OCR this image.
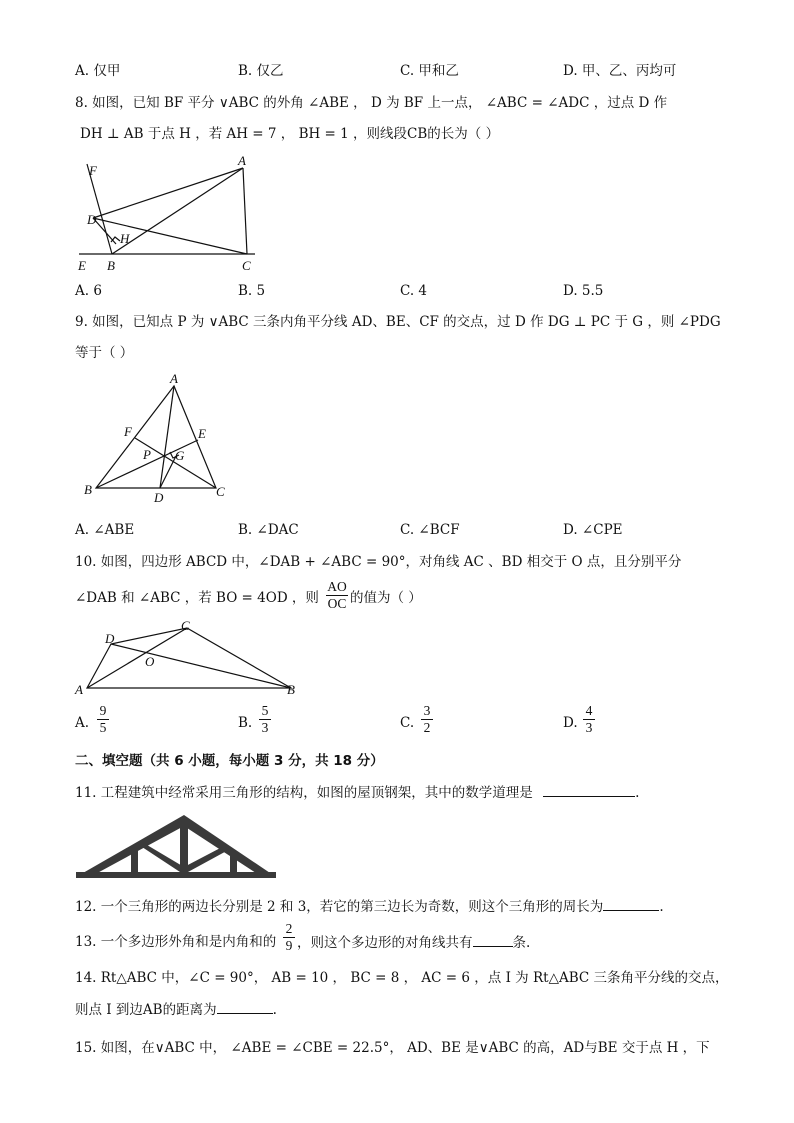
A. 仅甲	B. 仅乙	C. 甲和乙	D. 甲、乙、丙均可
8. 如图，已知 BF 平分 ∨ABC 的外角 ∠ABE ， D 为 BF 上一点， ∠ABC = ∠ADC ，过点 D 作
DH ⊥ AB 于点 H ，若 AH = 7 ， BH = 1 ，则线段CB的长为（ ）
F
A
D
H
E B	C
A. 6	B. 5	C. 4	D. 5.5
9. 如图，已知点 P 为 ∨ABC 三条内角平分线 AD、BE、CF 的交点，过 D 作 DG ⊥ PC 于 G ，则 ∠PDG
等于（ ）
A
F	E
P G
B
D	C
A. ∠ABE	B. ∠DAC	C. ∠BCF	D. ∠CPE
10. 如图，四边形 ABCD 中，∠DAB + ∠ABC = 90°，对角线 AC 、BD 相交于 O 点，且分别平分
∠DAB 和 ∠ABC ，若 BO = 4OD ，则 $\frac{AO}{OC}$ 的值为（ ）
D
C
O
A	B
A. $\frac{9}{5}$	B. $\frac{5}{3}$	C. $\frac{3}{2}$	D. $\frac{4}{3}$
二、填空题（共 6 小题，每小题 3 分，共 18 分）
11. 工程建筑中经常采用三角形的结构，如图的屋顶钢架，其中的数学道理是	.
12. 一个三角形的两边长分别是 2 和 3，若它的第三边长为奇数，则这个三角形的周长为	.
13. 一个多边形外角和是内角和的 $\frac{2}{9}$ ，则这个多边形的对角线共有	条.
14. Rt△ABC 中，∠C = 90°， AB = 10 ， BC = 8 ， AC = 6 ，点 I 为 Rt△ABC 三条角平分线的交点，
则点 I 到边AB的距离为	.
15. 如图，在∨ABC 中， ∠ABE = ∠CBE = 22.5°， AD、BE 是∨ABC 的高，AD与BE 交于点 H ，下
